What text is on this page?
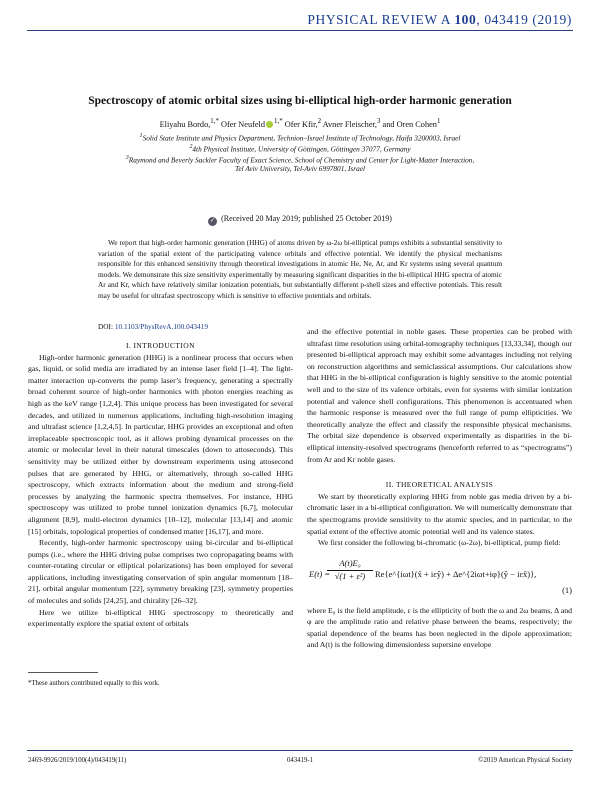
PHYSICAL REVIEW A 100, 043419 (2019)
Spectroscopy of atomic orbital sizes using bi-elliptical high-order harmonic generation
Eliyahu Bordo,$^{1,*}$ Ofer Neufeld $^{1,*}$ Ofer Kfir,$^2$ Avner Fleischer,$^3$ and Oren Cohen$^1$
$^1$Solid State Institute and Physics Department, Technion–Israel Institute of Technology, Haifa 3200003, Israel
$^2$4th Physical Institute, University of Göttingen, Göttingen 37077, Germany
$^3$Raymond and Beverly Sackler Faculty of Exact Science, School of Chemistry and Center for Light-Matter Interaction,
Tel Aviv University, Tel-Aviv 6997801, Israel
✓ (Received 20 May 2019; published 25 October 2019)

We report that high-order harmonic generation (HHG) of atoms driven by ω-2ω bi-elliptical pumps exhibits a substantial sensitivity to variation of the spatial extent of the participating valence orbitals and effective potential. We identify the physical mechanisms responsible for this enhanced sensitivity through theoretical investigations in atomic He, Ne, Ar, and Kr systems using several quantum models. We demonstrate this size sensitivity experimentally by measuring significant disparities in the bi-elliptical HHG spectra of atomic Ar and Kr, which have relatively similar ionization potentials, but substantially different p-shell sizes and effective potentials. This result may be useful for ultrafast spectroscopy which is sensitive to effective potentials and orbitals.

DOI: 10.1103/PhysRevA.100.043419

I. INTRODUCTION

High-order harmonic generation (HHG) is a nonlinear process that occurs when gas, liquid, or solid media are irradiated by an intense laser field [1–4]. The light-matter interaction up-converts the pump laser’s frequency, generating a spectrally broad coherent source of high-order harmonics with photon energies reaching as high as the keV range [1,2,4]. This unique process has been investigated for several decades, and utilized in numerous applications, including high-resolution imaging and ultrafast science [1,2,4,5]. In particular, HHG provides an exceptional and often irreplaceable spectroscopic tool, as it allows probing dynamical processes on the atomic or molecular level in their natural timescales (down to attoseconds). This sensitivity may be utilized either by downstream experiments using attosecond pulses that are generated by HHG, or alternatively, through so-called HHG spectroscopy, which extracts information about the medium and strong-field processes by analyzing the harmonic spectra themselves. For instance, HHG spectroscopy was utilized to probe tunnel ionization dynamics [6,7], molecular alignment [8,9], multi-electron dynamics [10–12], molecular [13,14] and atomic [15] orbitals, topological properties of condensed matter [16,17], and more.

Recently, high-order harmonic spectroscopy using bi-circular and bi-elliptical pumps (i.e., where the HHG driving pulse comprises two copropagating beams with counter-rotating circular or elliptical polarizations) has been employed for several applications, including investigating conservation of spin angular momentum [18–21], orbital angular momentum [22], symmetry breaking [23], symmetry properties of molecules and solids [24,25], and chirality [26–32].

Here we utilize bi-elliptical HHG spectroscopy to theoretically and experimentally explore the spatial extent of orbitals

and the effective potential in noble gases. These properties can be probed with ultrafast time resolution using orbital-tomography techniques [13,33,34], though our presented bi-elliptical approach may exhibit some advantages including not relying on reconstruction algorithms and semiclassical assumptions. Our calculations show that HHG in the bi-elliptical configuration is highly sensitive to the atomic potential well and to the size of its valence orbitals, even for systems with similar ionization potential and valence shell configurations. This phenomenon is accentuated when the harmonic response is measured over the full range of pump ellipticities. We theoretically analyze the effect and classify the responsible physical mechanisms. The orbital size dependence is observed experimentally as disparities in the bi-elliptical intensity-resolved spectrograms (henceforth referred to as “spectrograms”) from Ar and Kr noble gases.

II. THEORETICAL ANALYSIS

We start by theoretically exploring HHG from noble gas media driven by a bi-chromatic laser in a bi-elliptical configuration. We will numerically demonstrate that the spectrograms provide sensitivity to the atomic species, and in particular, to the spatial extent of the effective atomic potential well and its valence states.

We first consider the following bi-chromatic (ω-2ω), bi-elliptical, pump field:

E(t) =
$\frac{\text{A(t)E₀}}{\text{√(1 + ε²)}}$ Re{e^{iωt}(x̂ + iεŷ) + Δe^{2iωt+iφ}(ŷ − iεx̂)},
(1)

where E₀ is the field amplitude, ε is the ellipticity of both the ω and 2ω beams, Δ and φ are the amplitude ratio and relative phase between the beams, respectively; the spatial dependence of the beams has been neglected in the dipole approximation; and A(t) is the following dimensionless supersine envelope

*These authors contributed equally to this work.
2469-9926/2019/100(4)/043419(11)	043419-1	©2019 American Physical Society
